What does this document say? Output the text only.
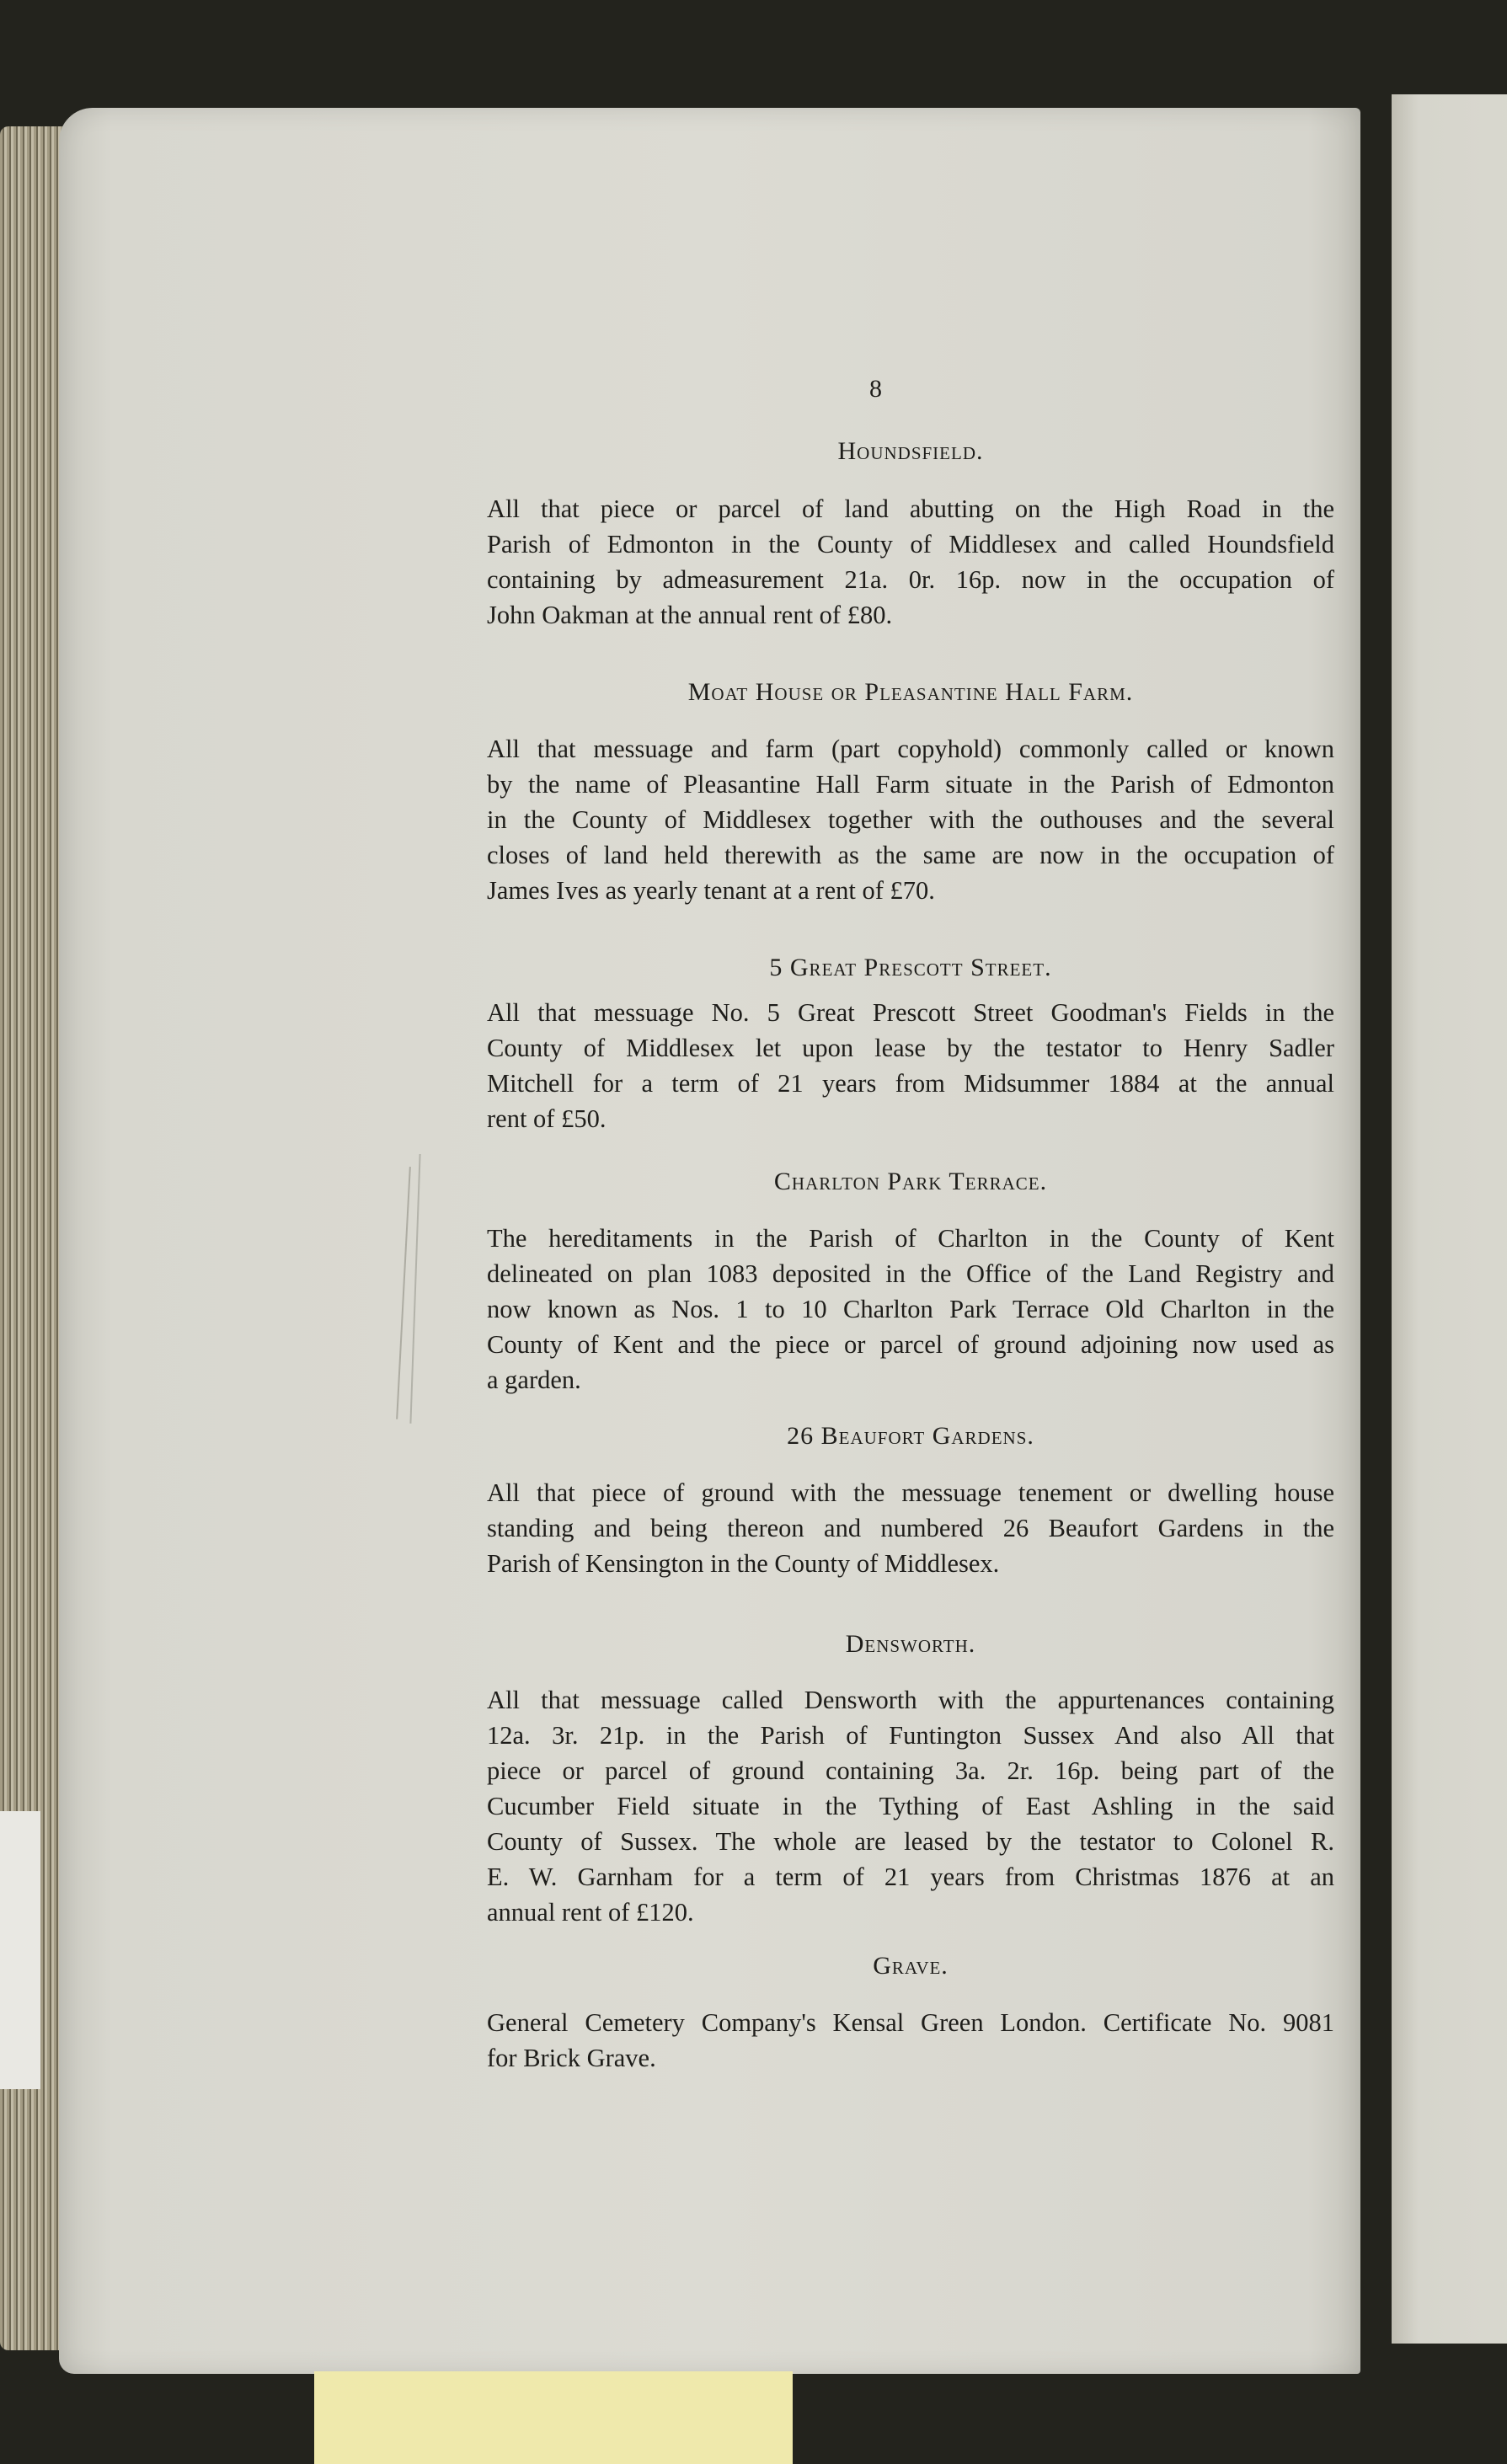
8
Houndsfield.
All that piece or parcel of land abutting on the High Road in the
Parish of Edmonton in the County of Middlesex and called Houndsfield
containing by admeasurement 21a. 0r. 16p. now in the occupation of
John Oakman at the annual rent of £80.
Moat House or Pleasantine Hall Farm.
All that messuage and farm (part copyhold) commonly called or known
by the name of Pleasantine Hall Farm situate in the Parish of Edmonton
in the County of Middlesex together with the outhouses and the several
closes of land held therewith as the same are now in the occupation of
James Ives as yearly tenant at a rent of £70.
5 Great Prescott Street.
All that messuage No. 5 Great Prescott Street Goodman's Fields in the
County of Middlesex let upon lease by the testator to Henry Sadler
Mitchell for a term of 21 years from Midsummer 1884 at the annual
rent of £50.
Charlton Park Terrace.
The hereditaments in the Parish of Charlton in the County of Kent
delineated on plan 1083 deposited in the Office of the Land Registry and
now known as Nos. 1 to 10 Charlton Park Terrace Old Charlton in the
County of Kent and the piece or parcel of ground adjoining now used as
a garden.
26 Beaufort Gardens.
All that piece of ground with the messuage tenement or dwelling house
standing and being thereon and numbered 26 Beaufort Gardens in the
Parish of Kensington in the County of Middlesex.
Densworth.
All that messuage called Densworth with the appurtenances containing
12a. 3r. 21p. in the Parish of Funtington Sussex And also All that
piece or parcel of ground containing 3a. 2r. 16p. being part of the
Cucumber Field situate in the Tything of East Ashling in the said
County of Sussex. The whole are leased by the testator to Colonel R.
E. W. Garnham for a term of 21 years from Christmas 1876 at an
annual rent of £120.
Grave.
General Cemetery Company's Kensal Green London. Certificate No. 9081
for Brick Grave.
